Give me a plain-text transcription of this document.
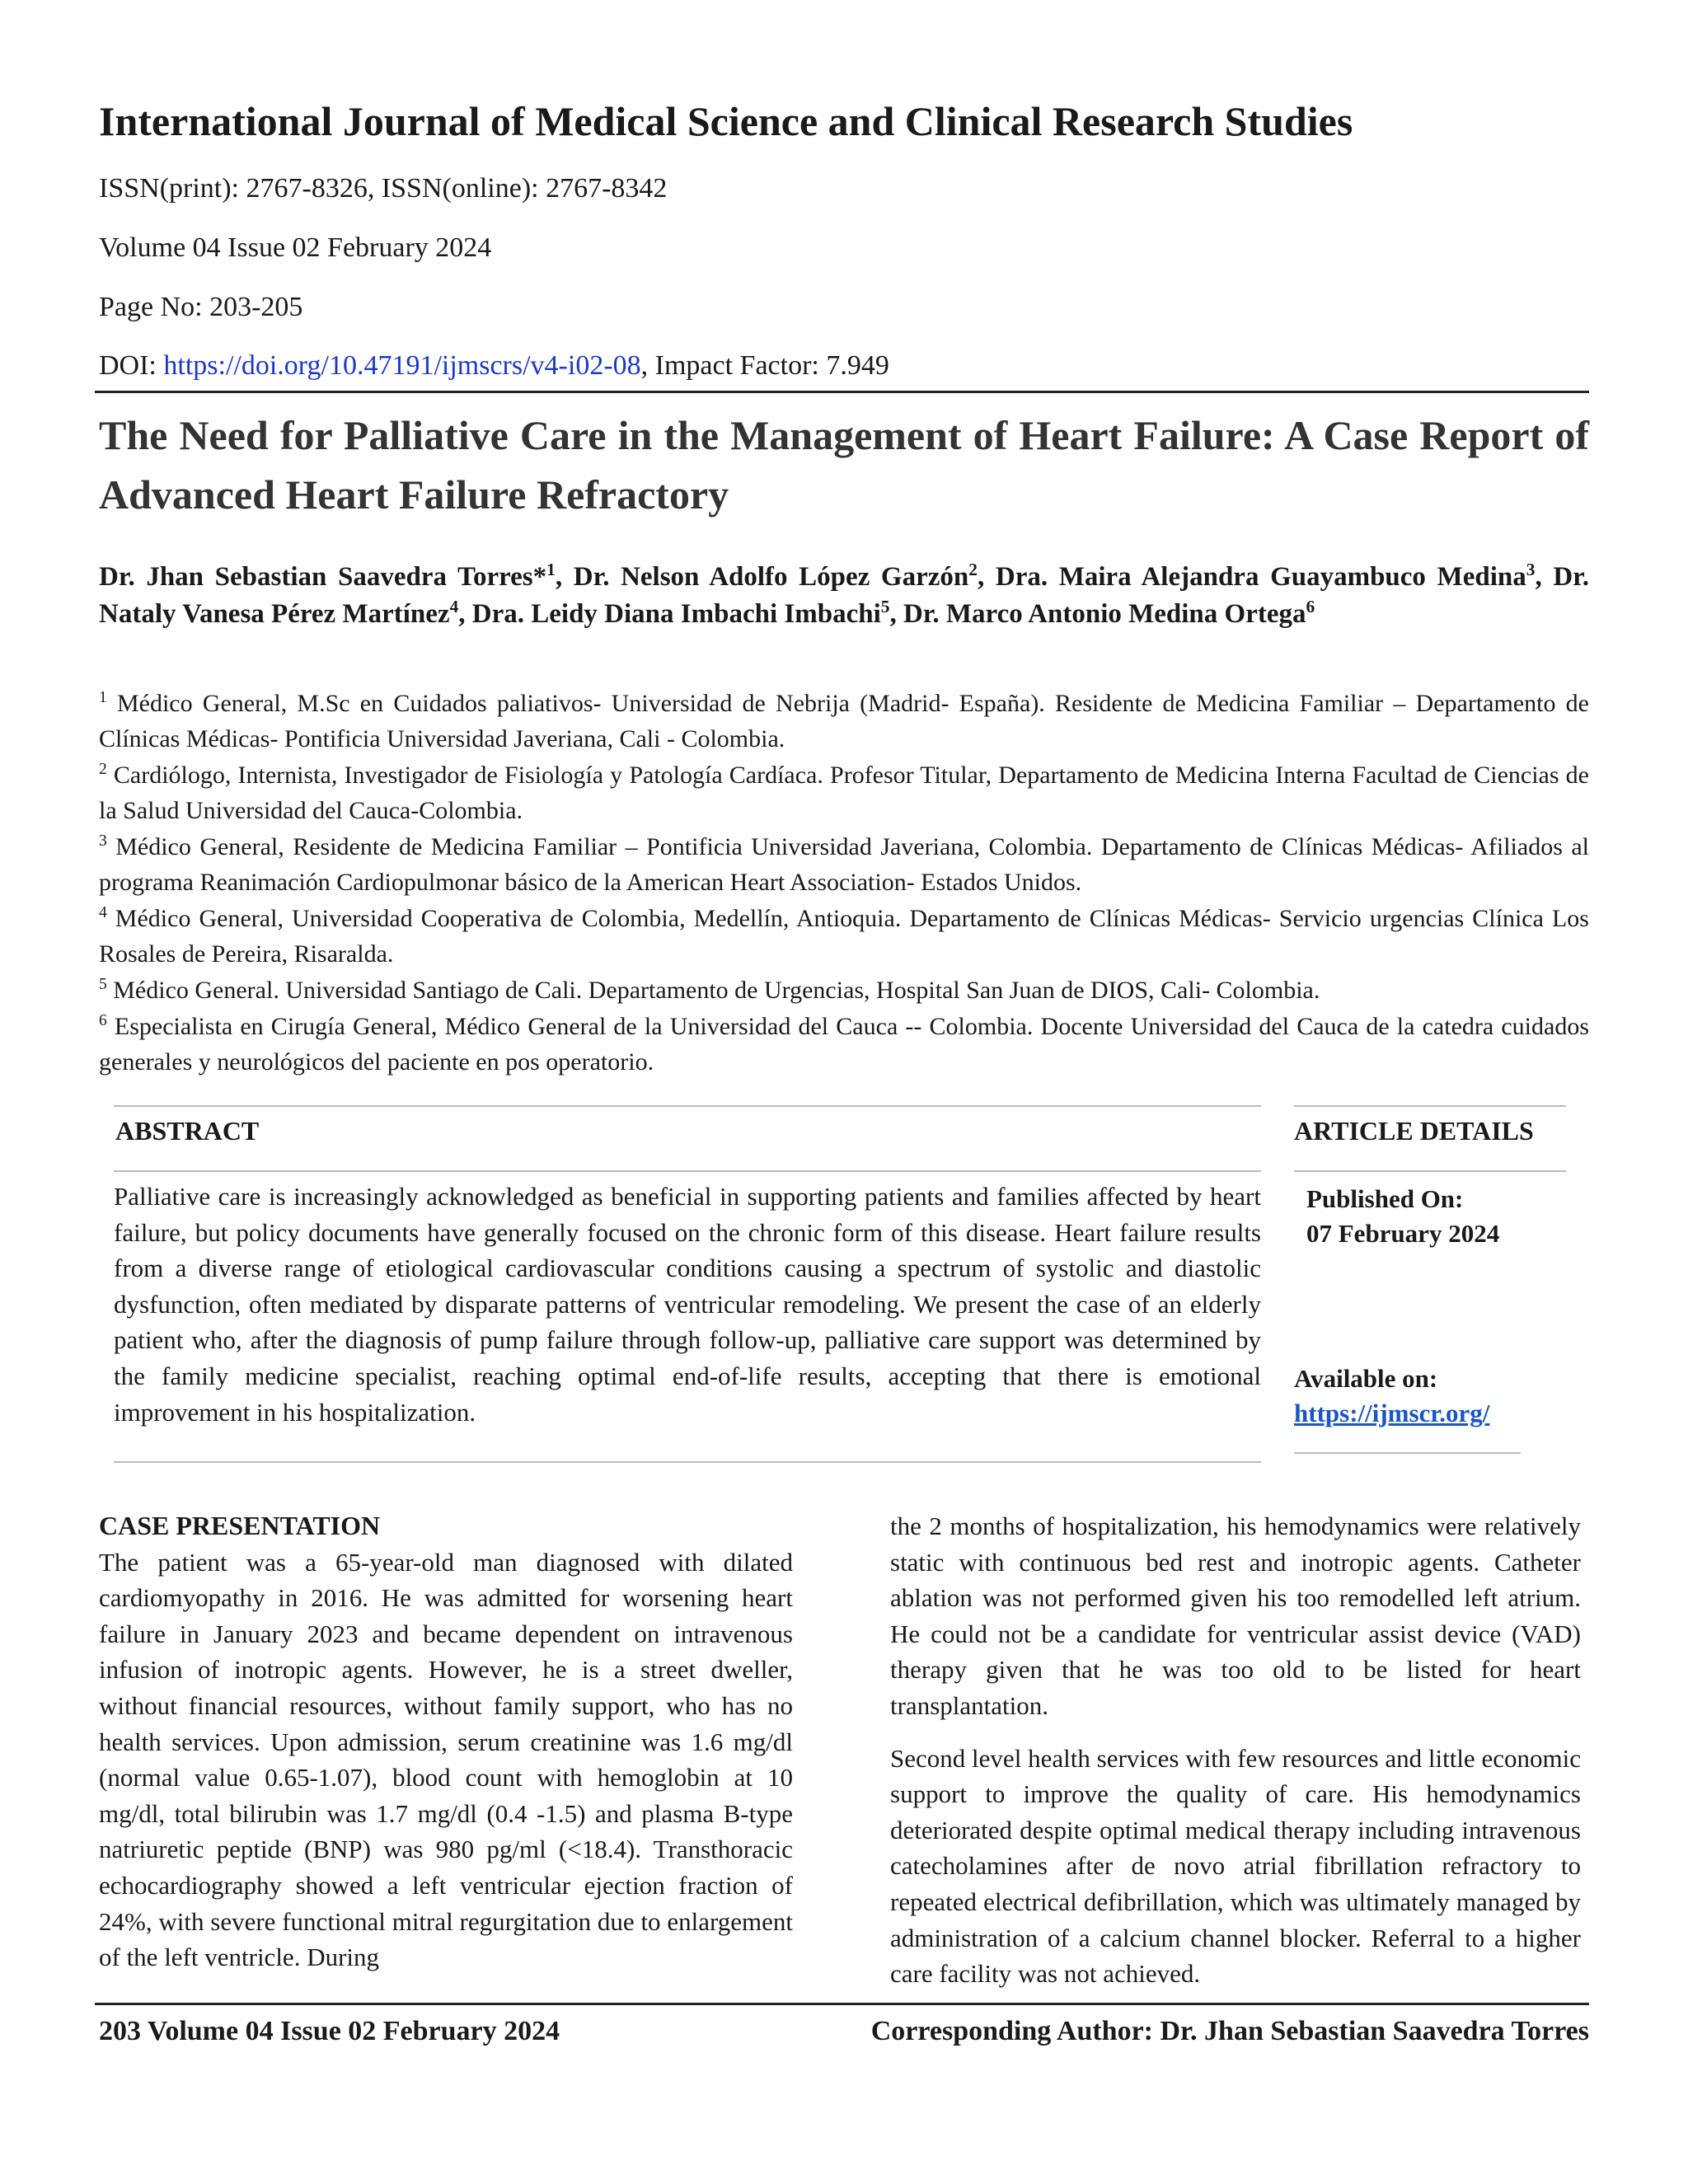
International Journal of Medical Science and Clinical Research Studies
ISSN(print): 2767-8326, ISSN(online): 2767-8342
Volume 04 Issue 02 February 2024
Page No: 203-205
DOI: https://doi.org/10.47191/ijmscrs/v4-i02-08, Impact Factor: 7.949
The Need for Palliative Care in the Management of Heart Failure: A Case Report of Advanced Heart Failure Refractory
Dr. Jhan Sebastian Saavedra Torres*$^1$, Dr. Nelson Adolfo López Garzón$^2$, Dra. Maira Alejandra Guayambuco Medina$^3$, Dr. Nataly Vanesa Pérez Martínez$^4$, Dra. Leidy Diana Imbachi Imbachi$^5$, Dr. Marco Antonio Medina Ortega$^6$
$^1$ Médico General, M.Sc en Cuidados paliativos- Universidad de Nebrija (Madrid- España). Residente de Medicina Familiar – Departamento de Clínicas Médicas- Pontificia Universidad Javeriana, Cali - Colombia.
$^2$ Cardiólogo, Internista, Investigador de Fisiología y Patología Cardíaca. Profesor Titular, Departamento de Medicina Interna Facultad de Ciencias de la Salud Universidad del Cauca-Colombia.
$^3$ Médico General, Residente de Medicina Familiar – Pontificia Universidad Javeriana, Colombia. Departamento de Clínicas Médicas- Afiliados al programa Reanimación Cardiopulmonar básico de la American Heart Association- Estados Unidos.
$^4$ Médico General, Universidad Cooperativa de Colombia, Medellín, Antioquia. Departamento de Clínicas Médicas- Servicio urgencias Clínica Los Rosales de Pereira, Risaralda.
$^5$ Médico General. Universidad Santiago de Cali. Departamento de Urgencias, Hospital San Juan de DIOS, Cali- Colombia.
$^6$ Especialista en Cirugía General, Médico General de la Universidad del Cauca -- Colombia. Docente Universidad del Cauca de la catedra cuidados generales y neurológicos del paciente en pos operatorio.
ABSTRACT
Palliative care is increasingly acknowledged as beneficial in supporting patients and families affected by heart failure, but policy documents have generally focused on the chronic form of this disease. Heart failure results from a diverse range of etiological cardiovascular conditions causing a spectrum of systolic and diastolic dysfunction, often mediated by disparate patterns of ventricular remodeling. We present the case of an elderly patient who, after the diagnosis of pump failure through follow-up, palliative care support was determined by the family medicine specialist, reaching optimal end-of-life results, accepting that there is emotional improvement in his hospitalization.
ARTICLE DETAILS
Published On:
07 February 2024
Available on:
https://ijmscr.org/
CASE PRESENTATION
The patient was a 65-year-old man diagnosed with dilated cardiomyopathy in 2016. He was admitted for worsening heart failure in January 2023 and became dependent on intravenous infusion of inotropic agents. However, he is a street dweller, without financial resources, without family support, who has no health services. Upon admission, serum creatinine was 1.6 mg/dl (normal value 0.65-1.07), blood count with hemoglobin at 10 mg/dl, total bilirubin was 1.7 mg/dl (0.4 -1.5) and plasma B-type natriuretic peptide (BNP) was 980 pg/ml (<18.4). Transthoracic echocardiography showed a left ventricular ejection fraction of 24%, with severe functional mitral regurgitation due to enlargement of the left ventricle. During

the 2 months of hospitalization, his hemodynamics were relatively static with continuous bed rest and inotropic agents. Catheter ablation was not performed given his too remodelled left atrium. He could not be a candidate for ventricular assist device (VAD) therapy given that he was too old to be listed for heart transplantation.

Second level health services with few resources and little economic support to improve the quality of care. His hemodynamics deteriorated despite optimal medical therapy including intravenous catecholamines after de novo atrial fibrillation refractory to repeated electrical defibrillation, which was ultimately managed by administration of a calcium channel blocker. Referral to a higher care facility was not achieved.

203 Volume 04 Issue 02 February 2024	Corresponding Author: Dr. Jhan Sebastian Saavedra Torres
